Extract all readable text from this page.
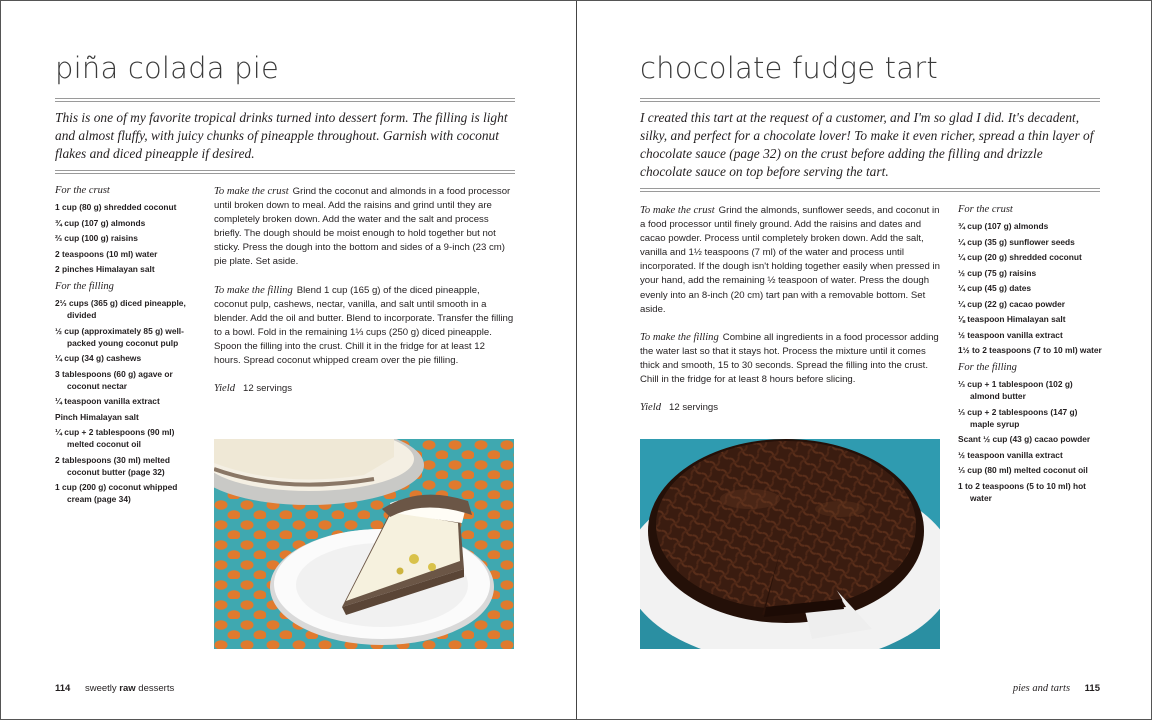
piña colada pie
This is one of my favorite tropical drinks turned into dessert form. The filling is light and almost fluffy, with juicy chunks of pineapple throughout. Garnish with coconut flakes and diced pineapple if desired.
For the crust
1 cup (80 g) shredded coconut
¾ cup (107 g) almonds
⅔ cup (100 g) raisins
2 teaspoons (10 ml) water
2 pinches Himalayan salt
For the filling
2⅓ cups (365 g) diced pineapple, divided
½ cup (approximately 85 g) well-packed young coconut pulp
¼ cup (34 g) cashews
3 tablespoons (60 g) agave or coconut nectar
¼ teaspoon vanilla extract
Pinch Himalayan salt
¼ cup + 2 tablespoons (90 ml) melted coconut oil
2 tablespoons (30 ml) melted coconut butter (page 32)
1 cup (200 g) coconut whipped cream (page 34)

To make the crust Grind the coconut and almonds in a food processor until broken down to meal. Add the raisins and grind until they are completely broken down. Add the water and the salt and process briefly. The dough should be moist enough to hold together but not sticky. Press the dough into the bottom and sides of a 9-inch (23 cm) pie plate. Set aside.

To make the filling Blend 1 cup (165 g) of the diced pineapple, coconut pulp, cashews, nectar, vanilla, and salt until smooth in a blender. Add the oil and butter. Blend to incorporate. Transfer the filling to a bowl. Fold in the remaining 1⅓ cups (250 g) diced pineapple. Spoon the filling into the crust. Chill it in the fridge for at least 12 hours. Spread coconut whipped cream over the pie filling.

Yield 12 servings

114 sweetly raw desserts
chocolate fudge tart
I created this tart at the request of a customer, and I'm so glad I did. It's decadent, silky, and perfect for a chocolate lover! To make it even richer, spread a thin layer of chocolate sauce (page 32) on the crust before adding the filling and drizzle chocolate sauce on top before serving the tart.

To make the crust Grind the almonds, sunflower seeds, and coconut in a food processor until finely ground. Add the raisins and dates and cacao powder. Process until completely broken down. Add the salt, vanilla and 1½ teaspoons (7 ml) of the water and process until incorporated. If the dough isn't holding together easily when pressed in your hand, add the remaining ½ teaspoon of water. Press the dough evenly into an 8-inch (20 cm) tart pan with a removable bottom. Set aside.

To make the filling Combine all ingredients in a food processor adding the water last so that it stays hot. Process the mixture until it comes thick and smooth, 15 to 30 seconds. Spread the filling into the crust. Chill in the fridge for at least 8 hours before slicing.

Yield 12 servings

For the crust
¾ cup (107 g) almonds
¼ cup (35 g) sunflower seeds
¼ cup (20 g) shredded coconut
½ cup (75 g) raisins
¼ cup (45 g) dates
¼ cup (22 g) cacao powder
⅛ teaspoon Himalayan salt
½ teaspoon vanilla extract
1½ to 2 teaspoons (7 to 10 ml) water
For the filling
⅓ cup + 1 tablespoon (102 g) almond butter
⅓ cup + 2 tablespoons (147 g) maple syrup
Scant ½ cup (43 g) cacao powder
½ teaspoon vanilla extract
⅓ cup (80 ml) melted coconut oil
1 to 2 teaspoons (5 to 10 ml) hot water
pies and tarts 115
